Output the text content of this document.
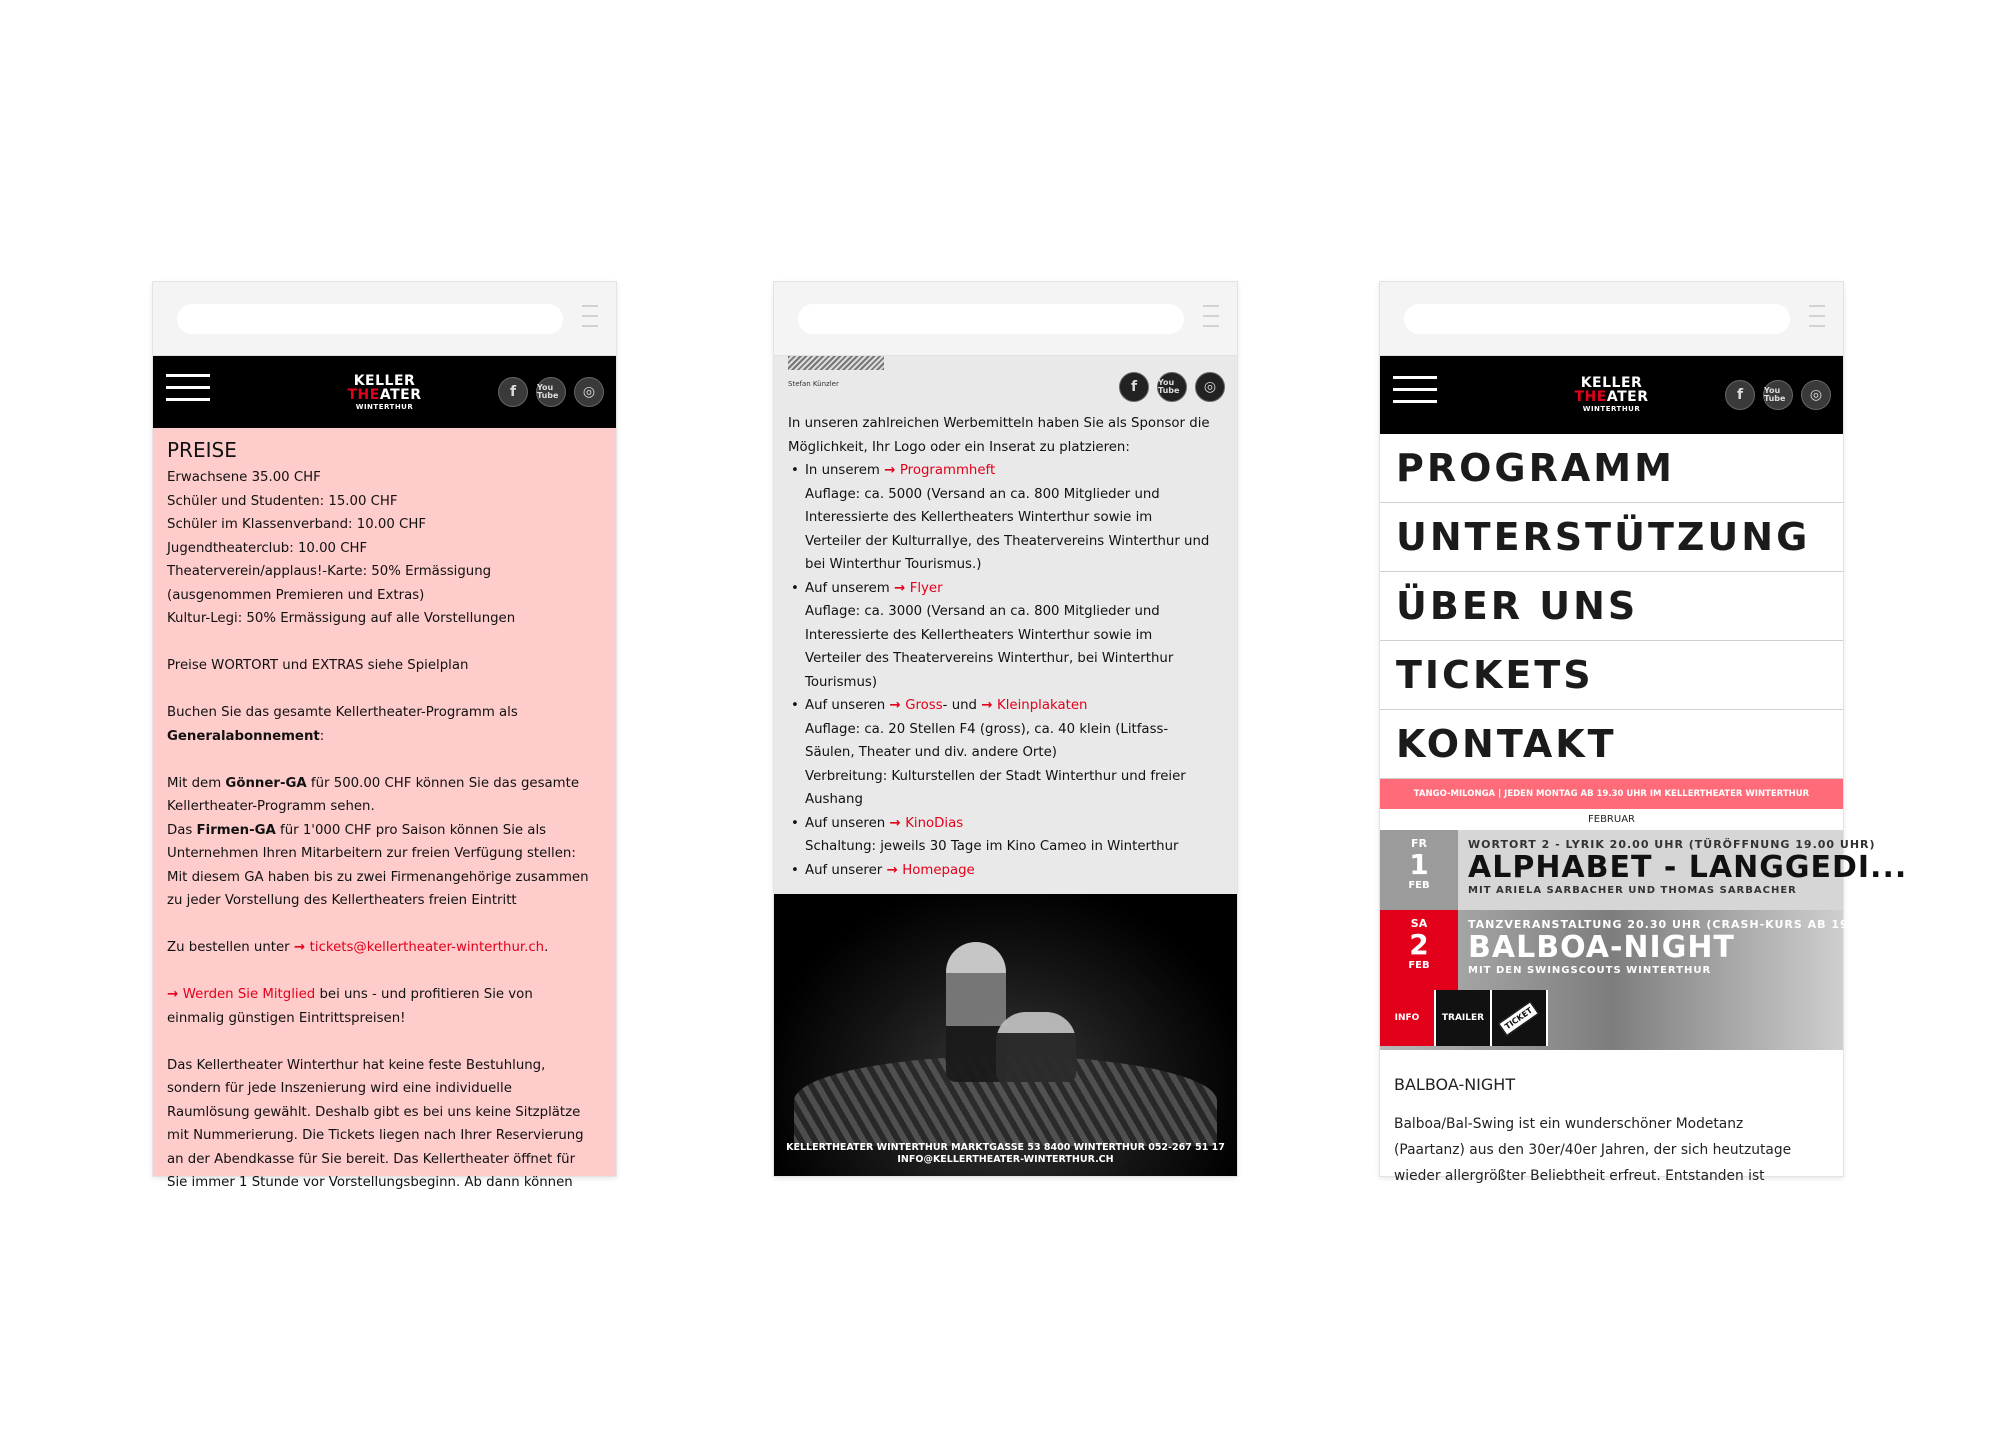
KELLER
THEATER
WINTERTHUR
f	You Tube	◎
PREISE

Erwachsene 35.00 CHF

Schüler und Studenten: 15.00 CHF

Schüler im Klassenverband: 10.00 CHF

Jugendtheaterclub: 10.00 CHF

Theaterverein/applaus!-Karte: 50% Ermässigung

(ausgenommen Premieren und Extras)

Kultur-Legi: 50% Ermässigung auf alle Vorstellungen

Preise WORTORT und EXTRAS siehe Spielplan

Buchen Sie das gesamte Kellertheater-Programm als

Generalabonnement:

Mit dem Gönner-GA für 500.00 CHF können Sie das gesamte

Kellertheater-Programm sehen.

Das Firmen-GA für 1'000 CHF pro Saison können Sie als

Unternehmen Ihren Mitarbeitern zur freien Verfügung stellen:

Mit diesem GA haben bis zu zwei Firmenangehörige zusammen

zu jeder Vorstellung des Kellertheaters freien Eintritt

Zu bestellen unter → tickets@kellertheater-winterthur.ch.

→ Werden Sie Mitglied bei uns - und profitieren Sie von

einmalig günstigen Eintrittspreisen!

Das Kellertheater Winterthur hat keine feste Bestuhlung,

sondern für jede Inszenierung wird eine individuelle

Raumlösung gewählt. Deshalb gibt es bei uns keine Sitzplätze

mit Nummerierung. Die Tickets liegen nach Ihrer Reservierung

an der Abendkasse für Sie bereit. Das Kellertheater öffnet für

Sie immer 1 Stunde vor Vorstellungsbeginn. Ab dann können

Stefan Künzler	f	You Tube	◎
In unseren zahlreichen Werbemitteln haben Sie als Sponsor die
Möglichkeit, Ihr Logo oder ein Inserat zu platzieren:
• In unserem → Programmheft
Auflage: ca. 5000 (Versand an ca. 800 Mitglieder und
Interessierte des Kellertheaters Winterthur sowie im
Verteiler der Kulturrallye, des Theatervereins Winterthur und
bei Winterthur Tourismus.)
• Auf unserem → Flyer
Auflage: ca. 3000 (Versand an ca. 800 Mitglieder und
Interessierte des Kellertheaters Winterthur sowie im
Verteiler des Theatervereins Winterthur, bei Winterthur
Tourismus)
• Auf unseren → Gross- und → Kleinplakaten
Auflage: ca. 20 Stellen F4 (gross), ca. 40 klein (Litfass-
Säulen, Theater und div. andere Orte)
Verbreitung: Kulturstellen der Stadt Winterthur und freier
Aushang
• Auf unseren → KinoDias
Schaltung: jeweils 30 Tage im Kino Cameo in Winterthur
• Auf unserer → Homepage
KELLERTHEATER WINTERTHUR MARKTGASSE 53 8400 WINTERTHUR 052-267 51 17
INFO@KELLERTHEATER-WINTERTHUR.CH
KELLER
THEATER
WINTERTHUR
f	You Tube	◎
PROGRAMM
UNTERSTÜTZUNG
ÜBER UNS
TICKETS
KONTAKT
TANGO-MILONGA | JEDEN MONTAG AB 19.30 UHR IM KELLERTHEATER WINTERTHUR
FEBRUAR
FR
1
FEB
WORTORT 2 - LYRIK 20.00 UHR (TÜRÖFFNUNG 19.00 UHR)
ALPHABET - LANGGEDI...
MIT ARIELA SARBACHER UND THOMAS SARBACHER
SA
2
FEB
TANZVERANSTALTUNG 20.30 UHR (CRASH-KURS AB 19.30)
BALBOA-NIGHT
MIT DEN SWINGSCOUTS WINTERTHUR
INFO	TRAILER	TICKET
BALBOA-NIGHT

Balboa/Bal-Swing ist ein wunderschöner Modetanz
(Paartanz) aus den 30er/40er Jahren, der sich heutzutage
wieder allergrößter Beliebtheit erfreut. Entstanden ist
